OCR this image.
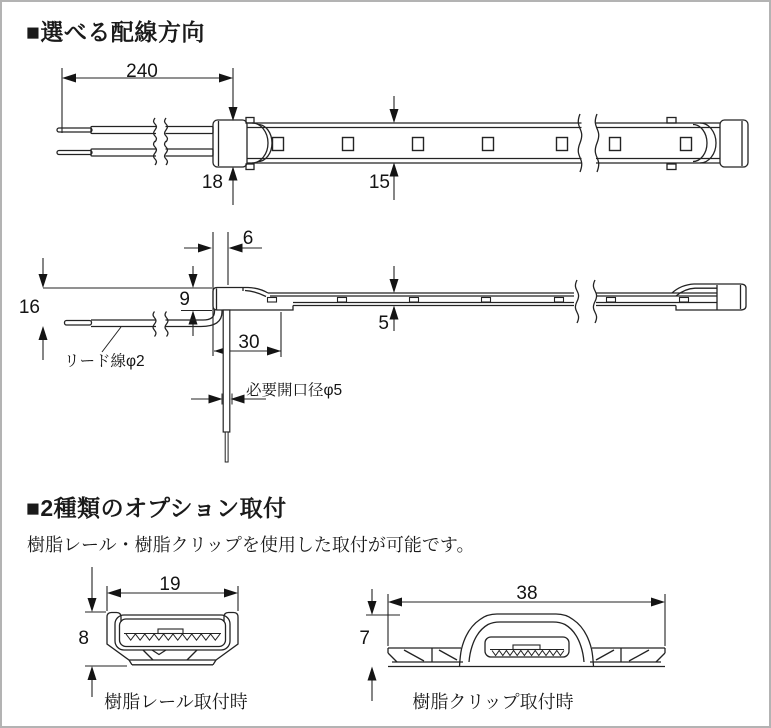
■選べる配線方向
■2種類のオプション取付
樹脂レール・樹脂クリップを使用した取付が可能です。
樹脂レール取付時	樹脂クリップ取付時
240
18	15
6
9
16
5
30
リード線φ2
必要開口径φ5
19
8
38
7
